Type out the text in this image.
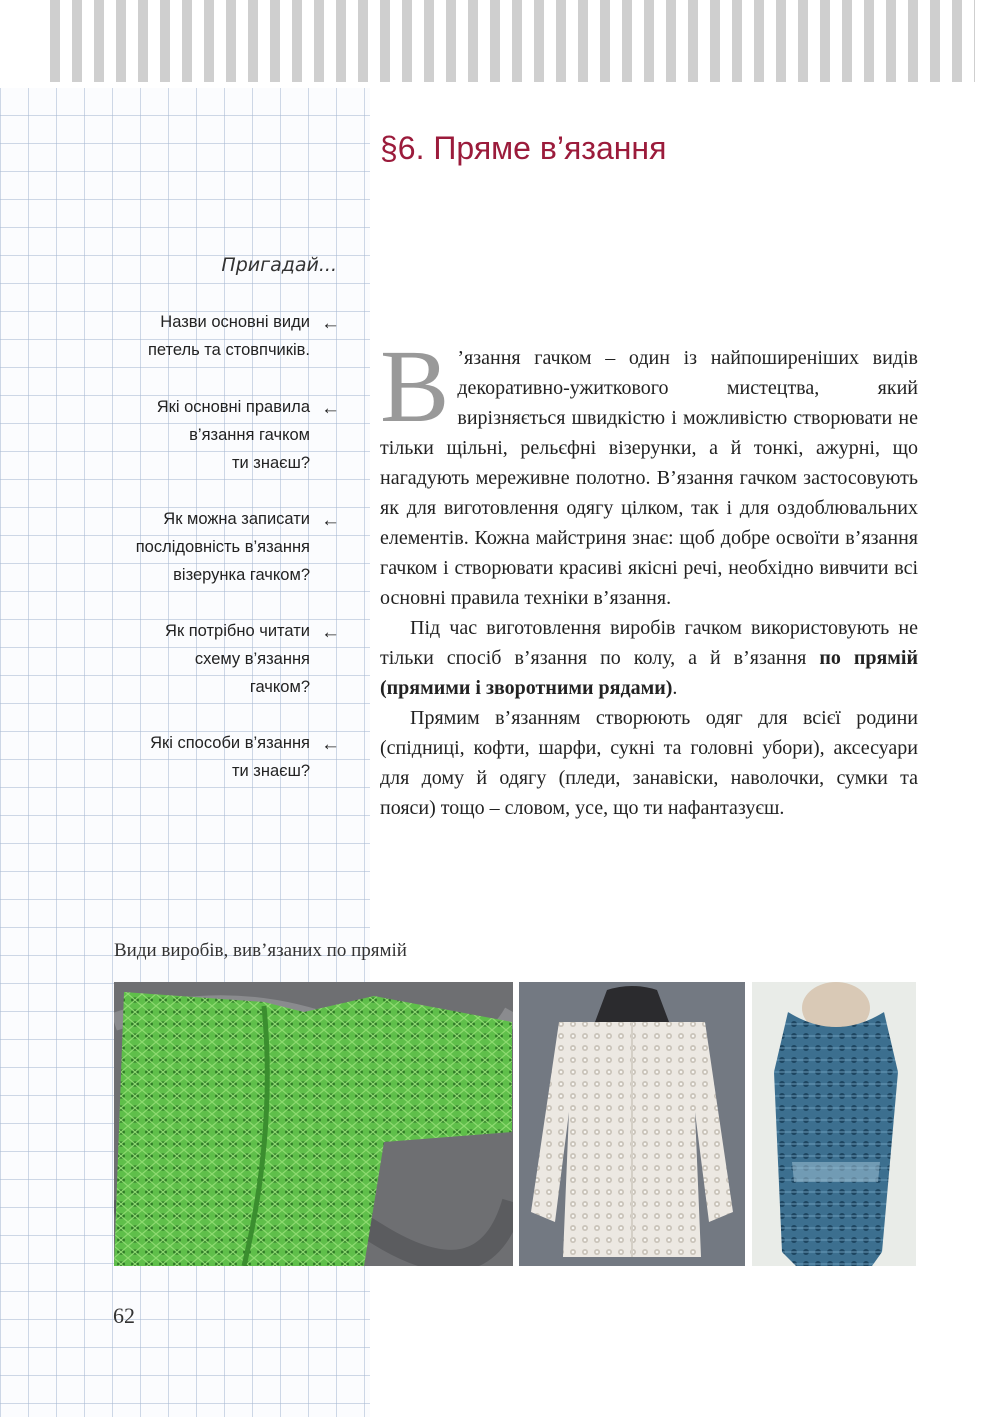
§6. Пряме в’язання
Пригадай...
Назви основні види
петель та стовпчиків.
←
Які основні правила
в’язання гачком
ти знаєш?
←
Як можна записати
послідовність в’язання
візерунка гачком?
←
Як потрібно читати
схему в’язання
гачком?
←
Які способи в’язання
ти знаєш?
←

В ’язання гачком – один із найпоширеніших видів декоративно-ужиткового мистецтва, який вирізняється швидкістю і можливістю створювати не тільки щільні, рельєфні візерунки, а й тонкі, ажурні, що нагадують мереживне полотно. В’язання гачком застосовують як для виготовлення одягу цілком, так і для оздоблювальних елементів. Кожна майстриня знає: щоб добре освоїти в’язання гачком і створювати красиві якісні речі, необхідно вивчити всі основні правила техніки в’язання.

Під час виготовлення виробів гачком використовують не тільки спосіб в’язання по колу, а й в’язання по прямій (прямими і зворотними рядами).

Прямим в’язанням створюють одяг для всієї родини (спідниці, кофти, шарфи, сукні та головні убори), аксесуари для дому й одягу (пледи, занавіски, наволочки, сумки та пояси) тощо – словом, усе, що ти нафантазуєш.

Види виробів, вив’язаних по прямій

62
